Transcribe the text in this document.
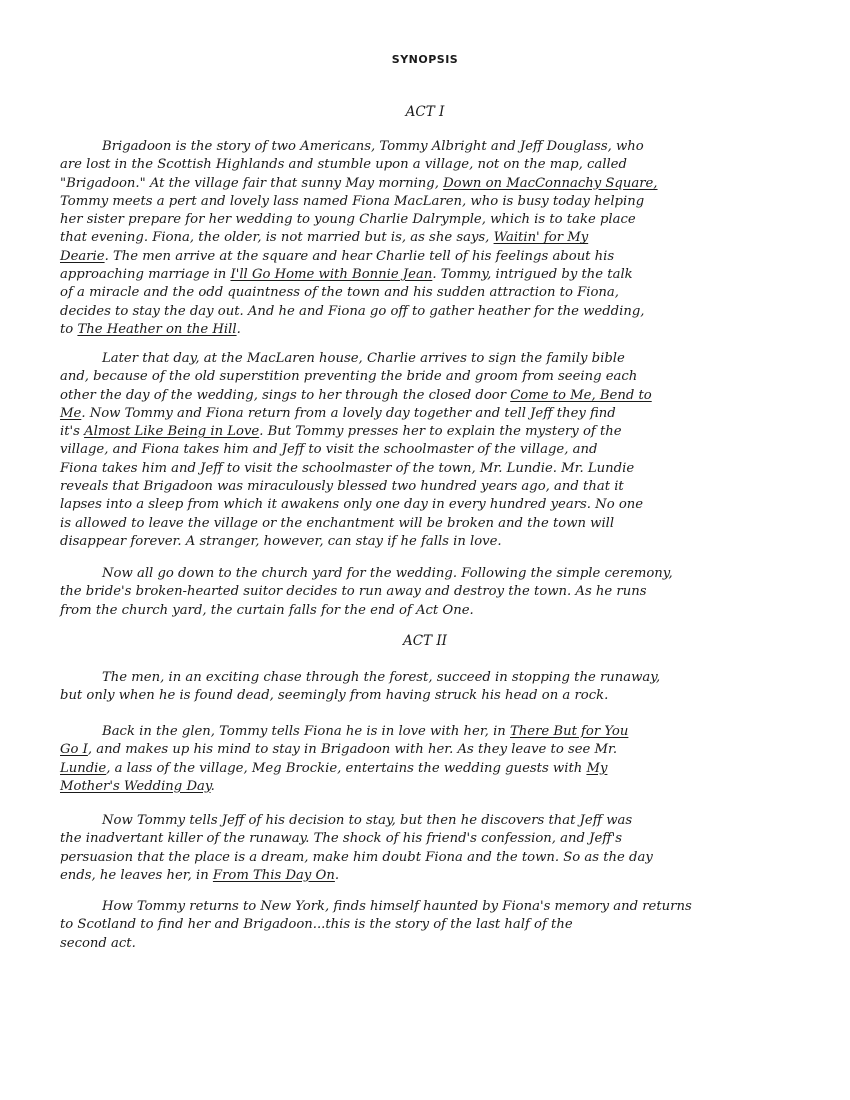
SYNOPSIS
ACT I
Brigadoon is the story of two Americans, Tommy Albright and Jeff Douglass, who
are lost in the Scottish Highlands and stumble upon a village, not on the map, called
"Brigadoon." At the village fair that sunny May morning, Down on MacConnachy Square,
Tommy meets a pert and lovely lass named Fiona MacLaren, who is busy today helping
her sister prepare for her wedding to young Charlie Dalrymple, which is to take place
that evening. Fiona, the older, is not married but is, as she says, Waitin' for My
Dearie. The men arrive at the square and hear Charlie tell of his feelings about his
approaching marriage in I'll Go Home with Bonnie Jean. Tommy, intrigued by the talk
of a miracle and the odd quaintness of the town and his sudden attraction to Fiona,
decides to stay the day out. And he and Fiona go off to gather heather for the wedding,
to The Heather on the Hill.
Later that day, at the MacLaren house, Charlie arrives to sign the family bible
and, because of the old superstition preventing the bride and groom from seeing each
other the day of the wedding, sings to her through the closed door Come to Me, Bend to
Me. Now Tommy and Fiona return from a lovely day together and tell Jeff they find
it's Almost Like Being in Love. But Tommy presses her to explain the mystery of the
village, and Fiona takes him and Jeff to visit the schoolmaster of the village, and
Fiona takes him and Jeff to visit the schoolmaster of the town, Mr. Lundie. Mr. Lundie
reveals that Brigadoon was miraculously blessed two hundred years ago, and that it
lapses into a sleep from which it awakens only one day in every hundred years. No one
is allowed to leave the village or the enchantment will be broken and the town will
disappear forever. A stranger, however, can stay if he falls in love.
Now all go down to the church yard for the wedding. Following the simple ceremony,
the bride's broken-hearted suitor decides to run away and destroy the town. As he runs
from the church yard, the curtain falls for the end of Act One.
ACT II
The men, in an exciting chase through the forest, succeed in stopping the runaway,
but only when he is found dead, seemingly from having struck his head on a rock.
Back in the glen, Tommy tells Fiona he is in love with her, in There But for You
Go I, and makes up his mind to stay in Brigadoon with her. As they leave to see Mr.
Lundie, a lass of the village, Meg Brockie, entertains the wedding guests with My
Mother's Wedding Day.
Now Tommy tells Jeff of his decision to stay, but then he discovers that Jeff was
the inadvertant killer of the runaway. The shock of his friend's confession, and Jeff's
persuasion that the place is a dream, make him doubt Fiona and the town. So as the day
ends, he leaves her, in From This Day On.
How Tommy returns to New York, finds himself haunted by Fiona's memory and returns
to Scotland to find her and Brigadoon...this is the story of the last half of the
second act.
